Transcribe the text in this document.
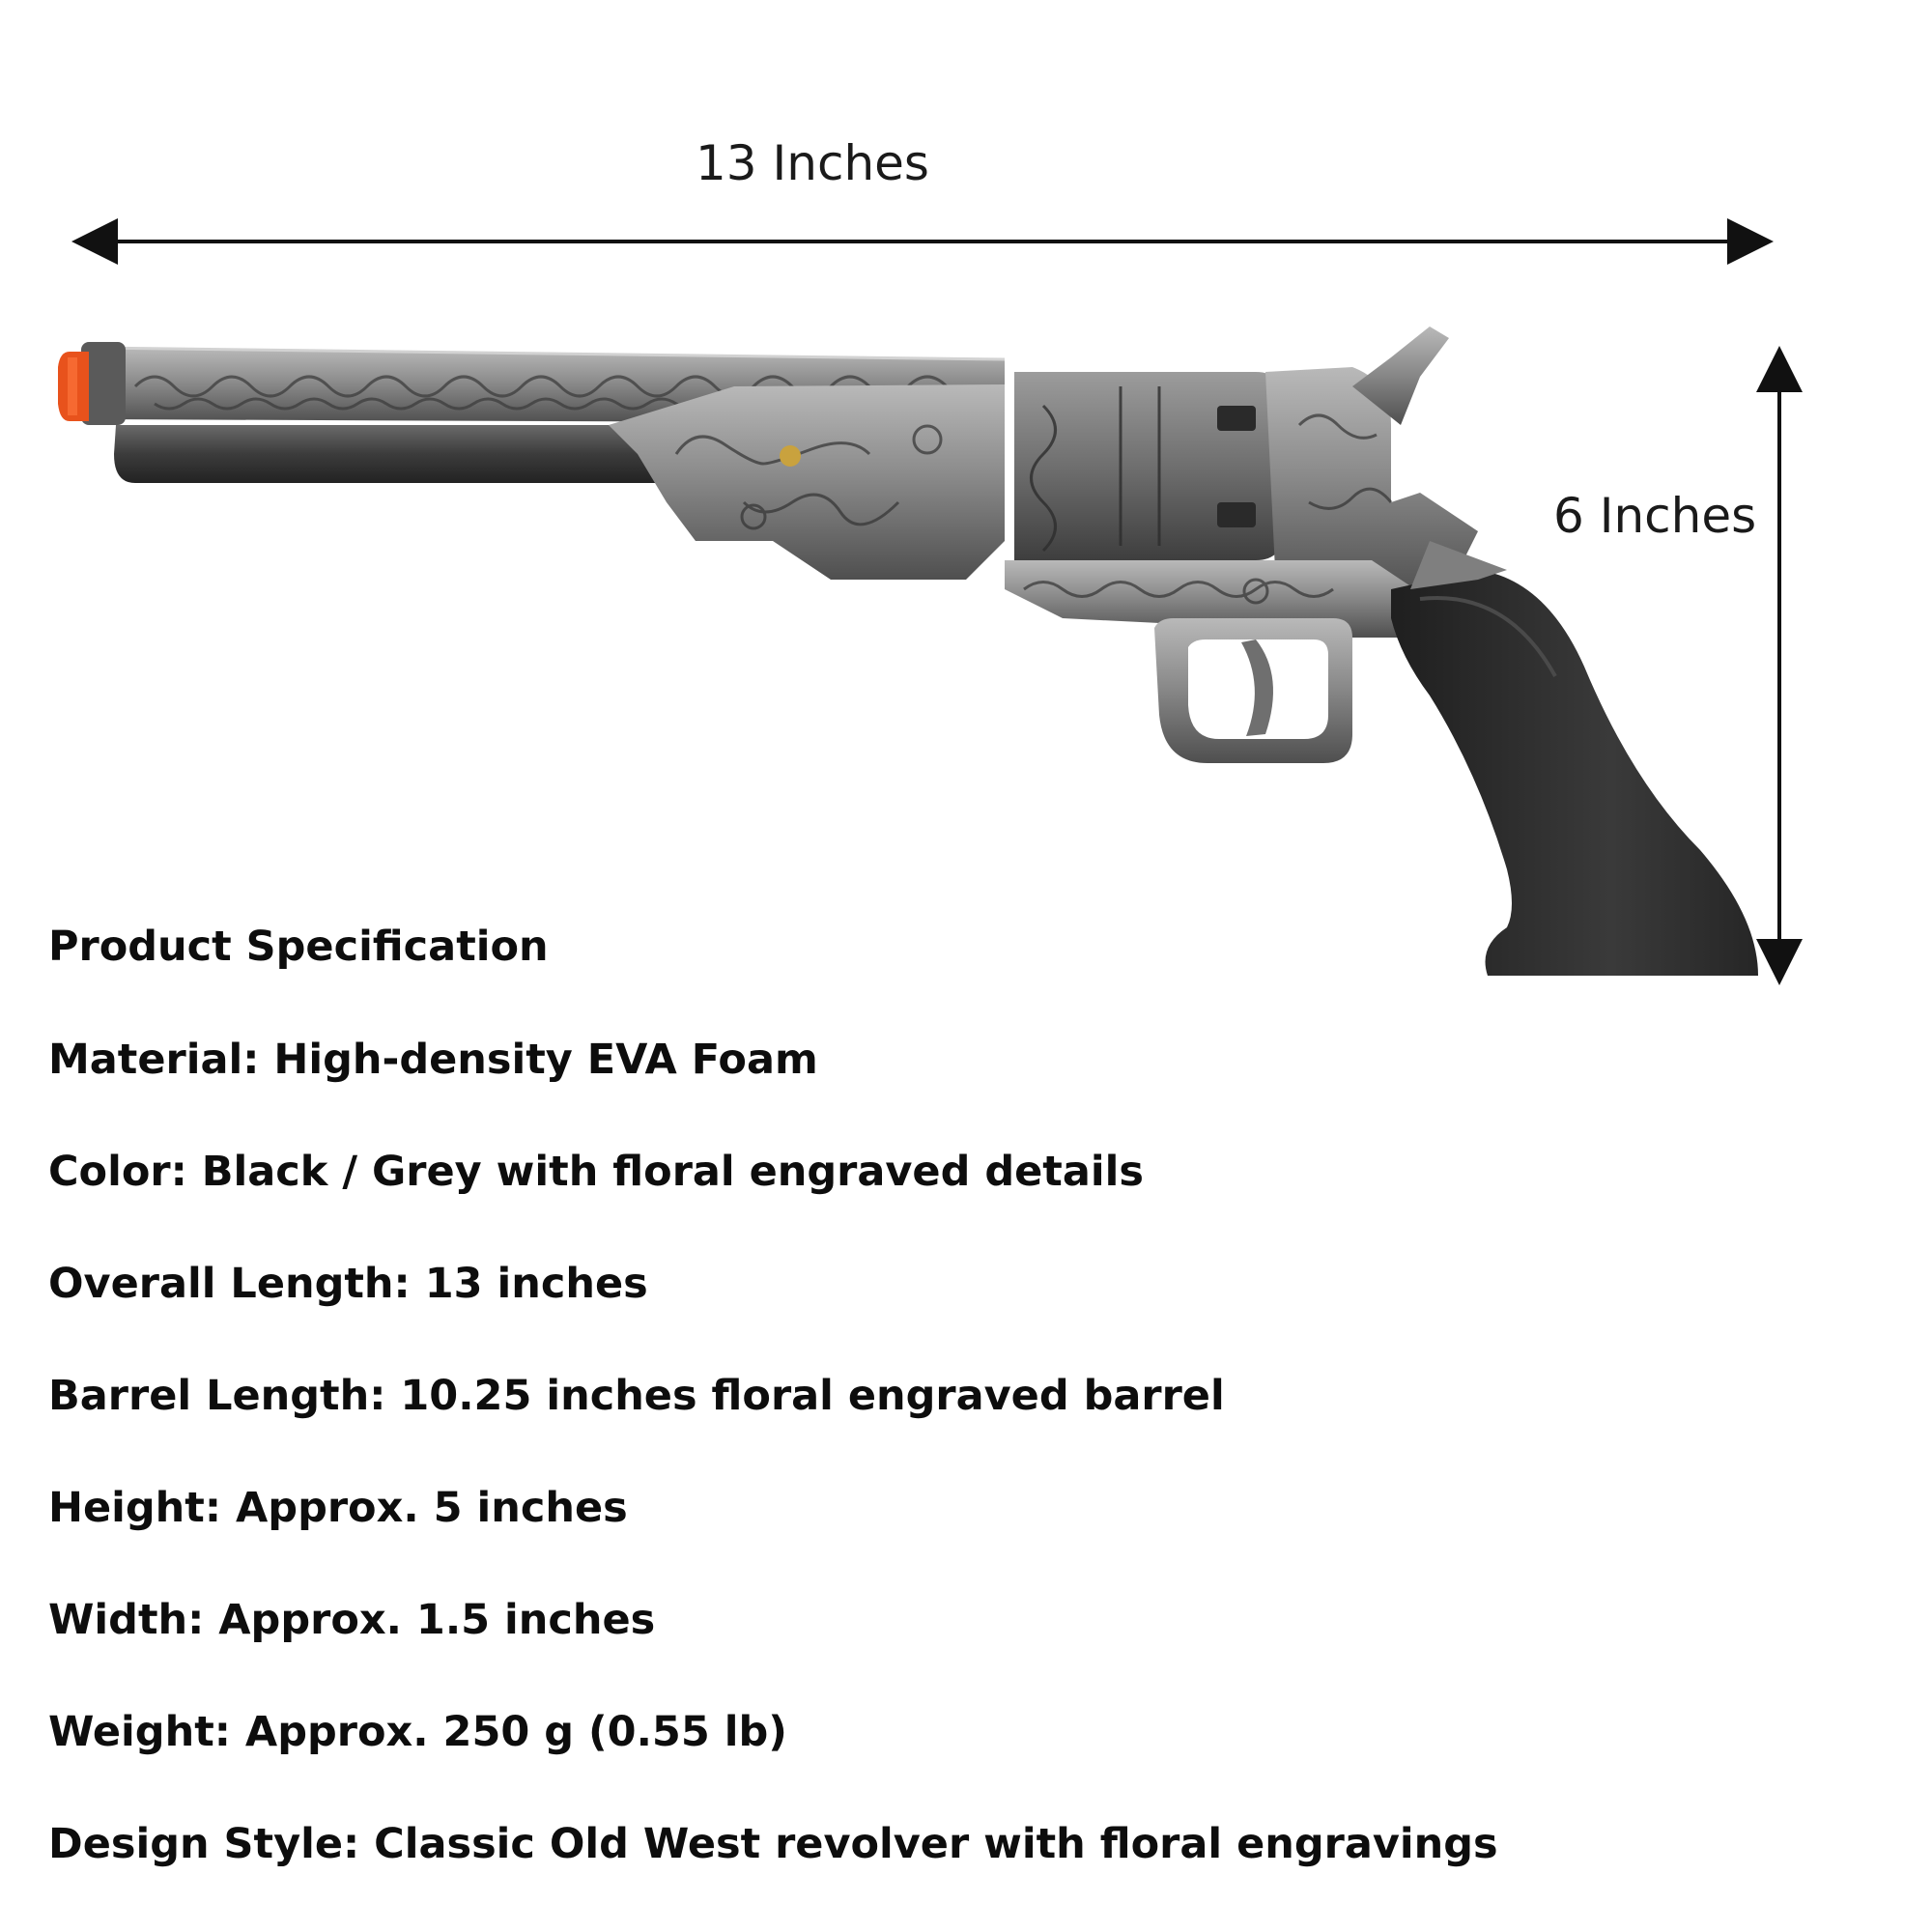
13 Inches
6 Inches
Product Specification
Material: High-density EVA Foam
Color: Black / Grey with floral engraved details
Overall Length: 13 inches
Barrel Length: 10.25 inches floral engraved barrel
Height: Approx. 5 inches
Width: Approx. 1.5 inches
Weight: Approx. 250 g (0.55 lb)
Design Style: Classic Old West revolver with floral engravings
